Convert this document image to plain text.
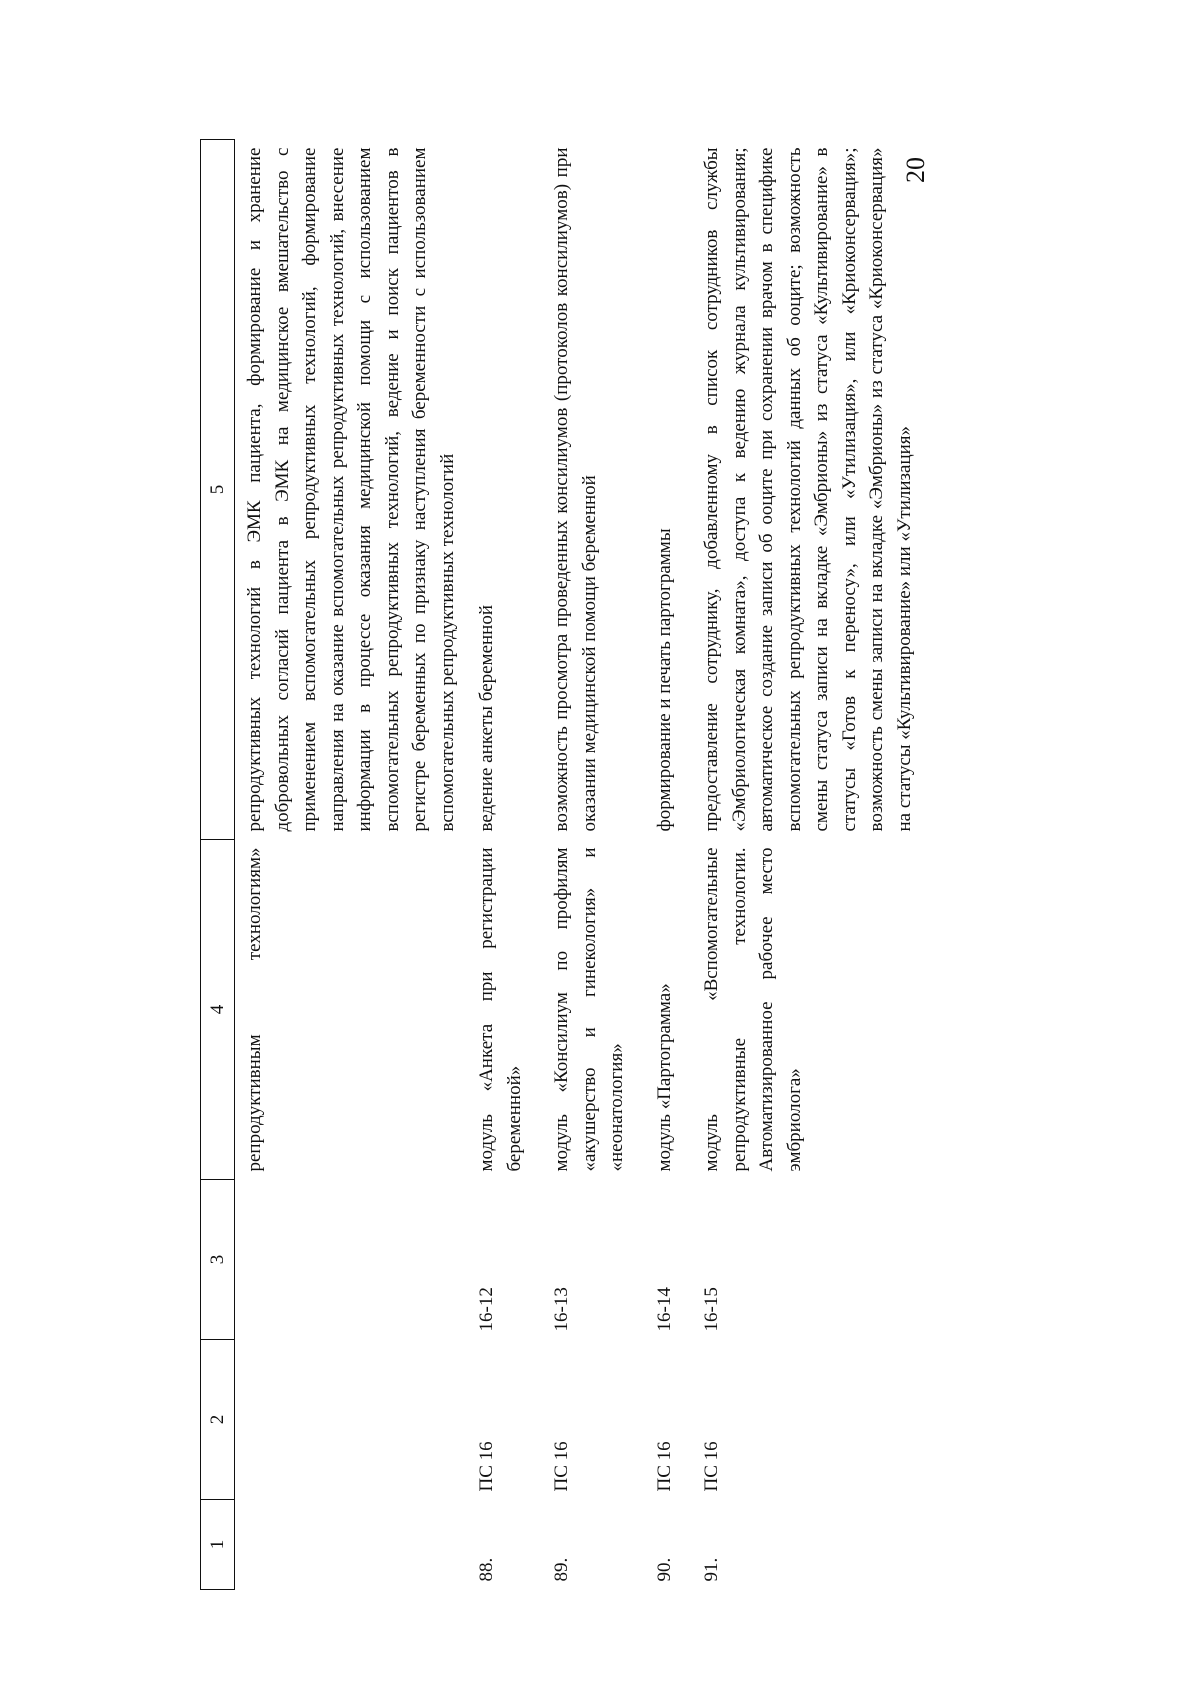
20
1	2	3	4	5
			репродуктивным технологиям»	репродуктивных технологий в ЭМК пациента, формирование и хранение добровольных согласий пациента в ЭМК на медицинское вмешательство с применением вспомогательных репродуктивных технологий, формирование направления на оказание вспомогательных репродуктивных технологий, внесение информации в процессе оказания медицинской помощи с использованием вспомогательных репродуктивных технологий, ведение и поиск пациентов в регистре беременных по признаку наступления беременности с использованием вспомогательных репродуктивных технологий
88.	ПС 16	16-12	модуль «Анкета при регистрации беременной»	ведение анкеты беременной
89.	ПС 16	16-13	модуль «Консилиум по профилям «акушерство и гинекология» и «неонатология»	возможность просмотра проведенных консилиумов (протоколов консилиумов) при оказании медицинской помощи беременной
90.	ПС 16	16-14	модуль «Партограмма»	формирование и печать партограммы
91.	ПС 16	16-15	модуль «Вспомогательные репродуктивные технологии. Автоматизированное рабочее место эмбриолога»	предоставление сотруднику, добавленному в список сотрудников службы «Эмбриологическая комната», доступа к ведению журнала культивирования; автоматическое создание записи об ооците при сохранении врачом в специфике вспомогательных репродуктивных технологий данных об ооците; возможность смены статуса записи на вкладке «Эмбрионы» из статуса «Культивирование» в статусы «Готов к переносу», или «Утилизация», или «Криоконсервация»; возможность смены записи на вкладке «Эмбрионы» из статуса «Криоконсервация» на статусы «Культивирование» или «Утилизация»
